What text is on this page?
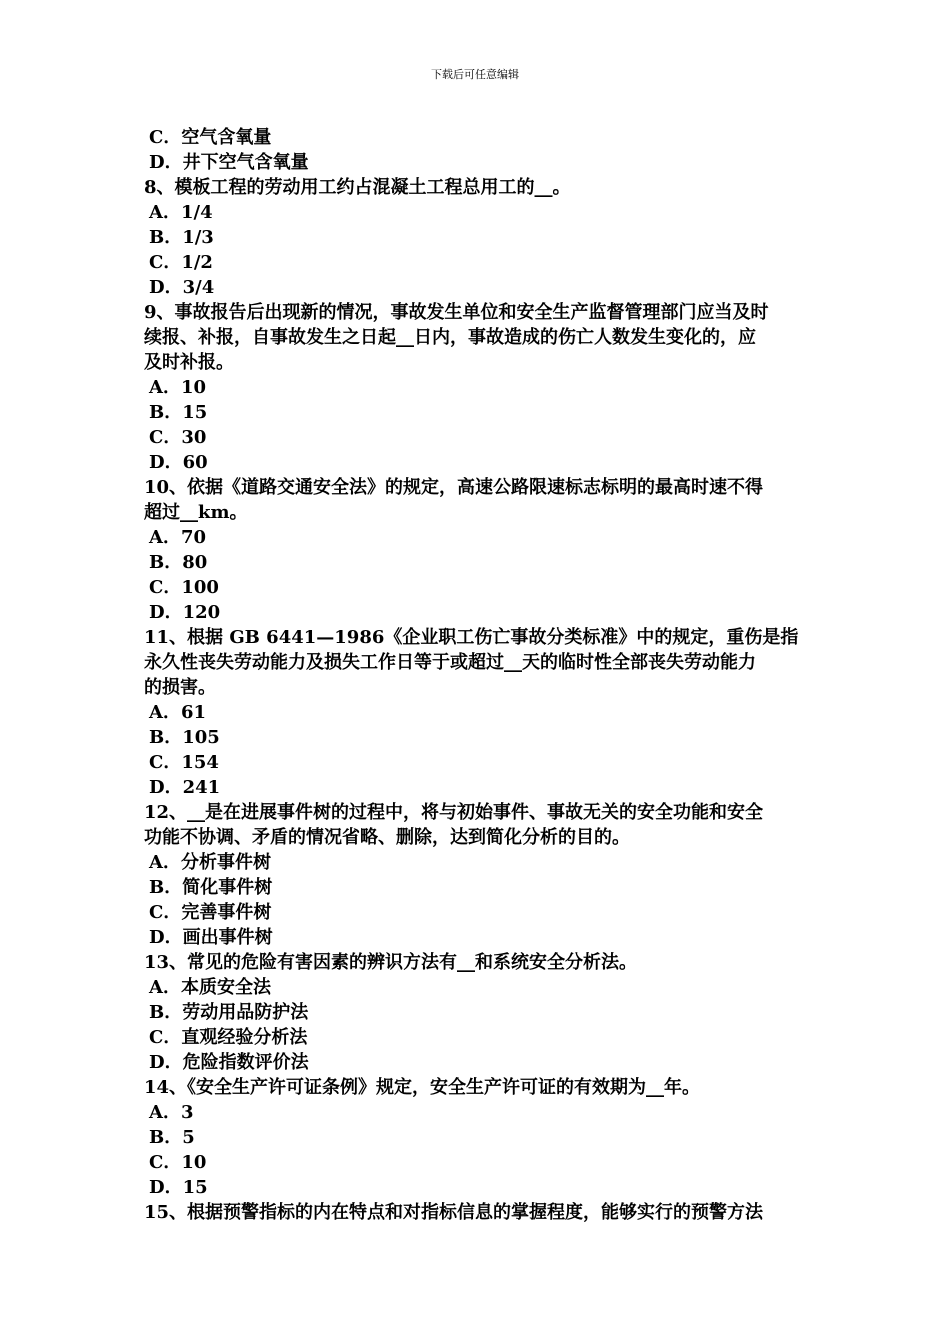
下载后可任意编辑

C．空气含氧量

D．井下空气含氧量

8、模板工程的劳动用工约占混凝土工程总用工的__。

A．1/4

B．1/3

C．1/2

D．3/4

9、事故报告后出现新的情况，事故发生单位和安全生产监督管理部门应当及时

续报、补报，自事故发生之日起__日内，事故造成的伤亡人数发生变化的，应

及时补报。

A．10

B．15

C．30

D．60

10、依据《道路交通安全法》的规定，高速公路限速标志标明的最高时速不得

超过__km。

A．70

B．80

C．100

D．120

11、根据 GB 6441—1986《企业职工伤亡事故分类标准》中的规定，重伤是指

永久性丧失劳动能力及损失工作日等于或超过__天的临时性全部丧失劳动能力

的损害。

A．61

B．105

C．154

D．241

12、__是在进展事件树的过程中，将与初始事件、事故无关的安全功能和安全

功能不协调、矛盾的情况省略、删除，达到简化分析的目的。

A．分析事件树

B．简化事件树

C．完善事件树

D．画出事件树

13、常见的危险有害因素的辨识方法有__和系统安全分析法。

A．本质安全法

B．劳动用品防护法

C．直观经验分析法

D．危险指数评价法

14、《安全生产许可证条例》规定，安全生产许可证的有效期为__年。

A．3

B．5

C．10

D．15

15、根据预警指标的内在特点和对指标信息的掌握程度，能够实行的预警方法
